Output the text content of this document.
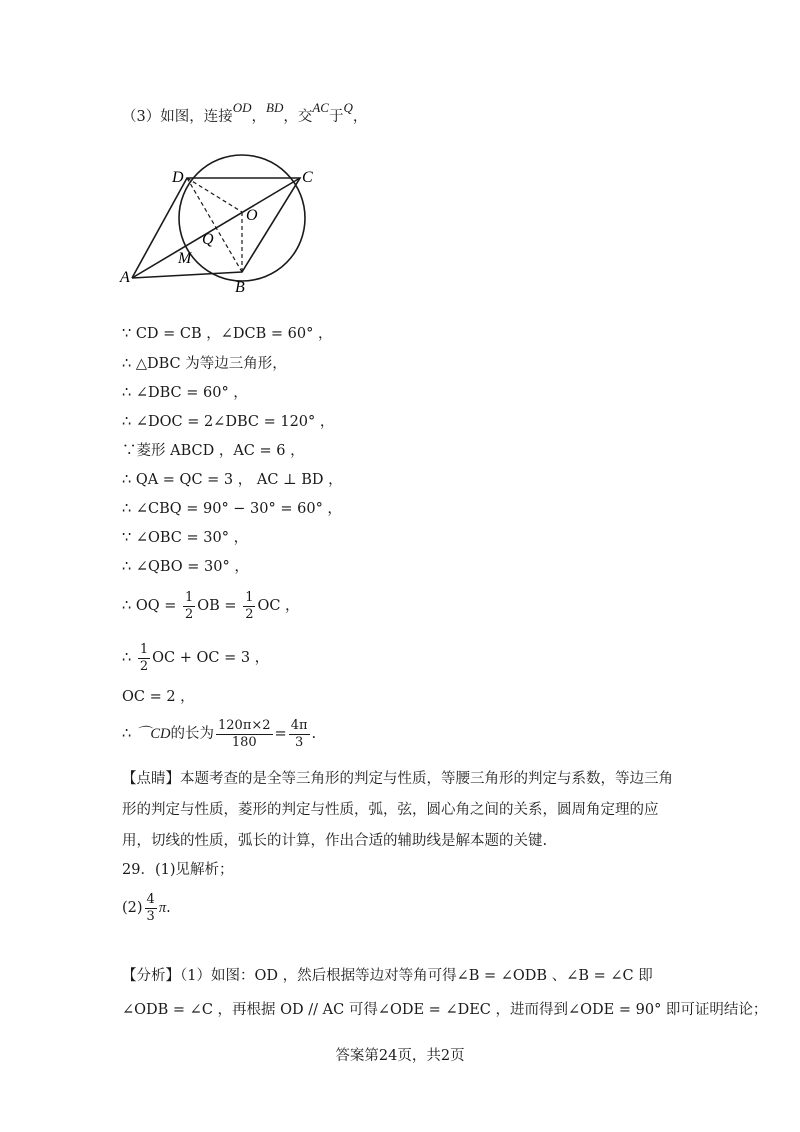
（3）如图，连接OD，BD，交AC于Q，
D	C
O
Q
M
A
B
∵ CD = CB ，∠DCB = 60° ，
∴ △DBC 为等边三角形，
∴ ∠DBC = 60° ，
∴ ∠DOC = 2∠DBC = 120° ，
∵菱形 ABCD ，AC = 6 ，
∴ QA = QC = 3 ， AC ⊥ BD ，
∴ ∠CBQ = 90° − 30° = 60° ，
∵ ∠OBC = 30° ，
∴ ∠QBO = 30° ，
∴ OQ = $\frac{1}{2}$ OB = $\frac{1}{2}$ OC ，
∴ $\frac{1}{2}$ OC + OC = 3 ，
OC = 2 ，
∴ ⌒CD的长为 $\frac{120\pi\times 2}{180} = \frac{4\pi}{3}$ .
【点睛】本题考查的是全等三角形的判定与性质，等腰三角形的判定与系数，等边三角形的判定与性质，菱形的判定与性质，弧，弦，圆心角之间的关系，圆周角定理的应用，切线的性质，弧长的计算，作出合适的辅助线是解本题的关键.
29．(1)见解析；
$(2) \frac{4}{3} \pi$.
【分析】（1）如图：OD ，然后根据等边对等角可得∠B = ∠ODB 、∠B = ∠C 即
∠ODB = ∠C ，再根据 OD // AC 可得∠ODE = ∠DEC ，进而得到∠ODE = 90° 即可证明结论；
答案第24页，共2页
